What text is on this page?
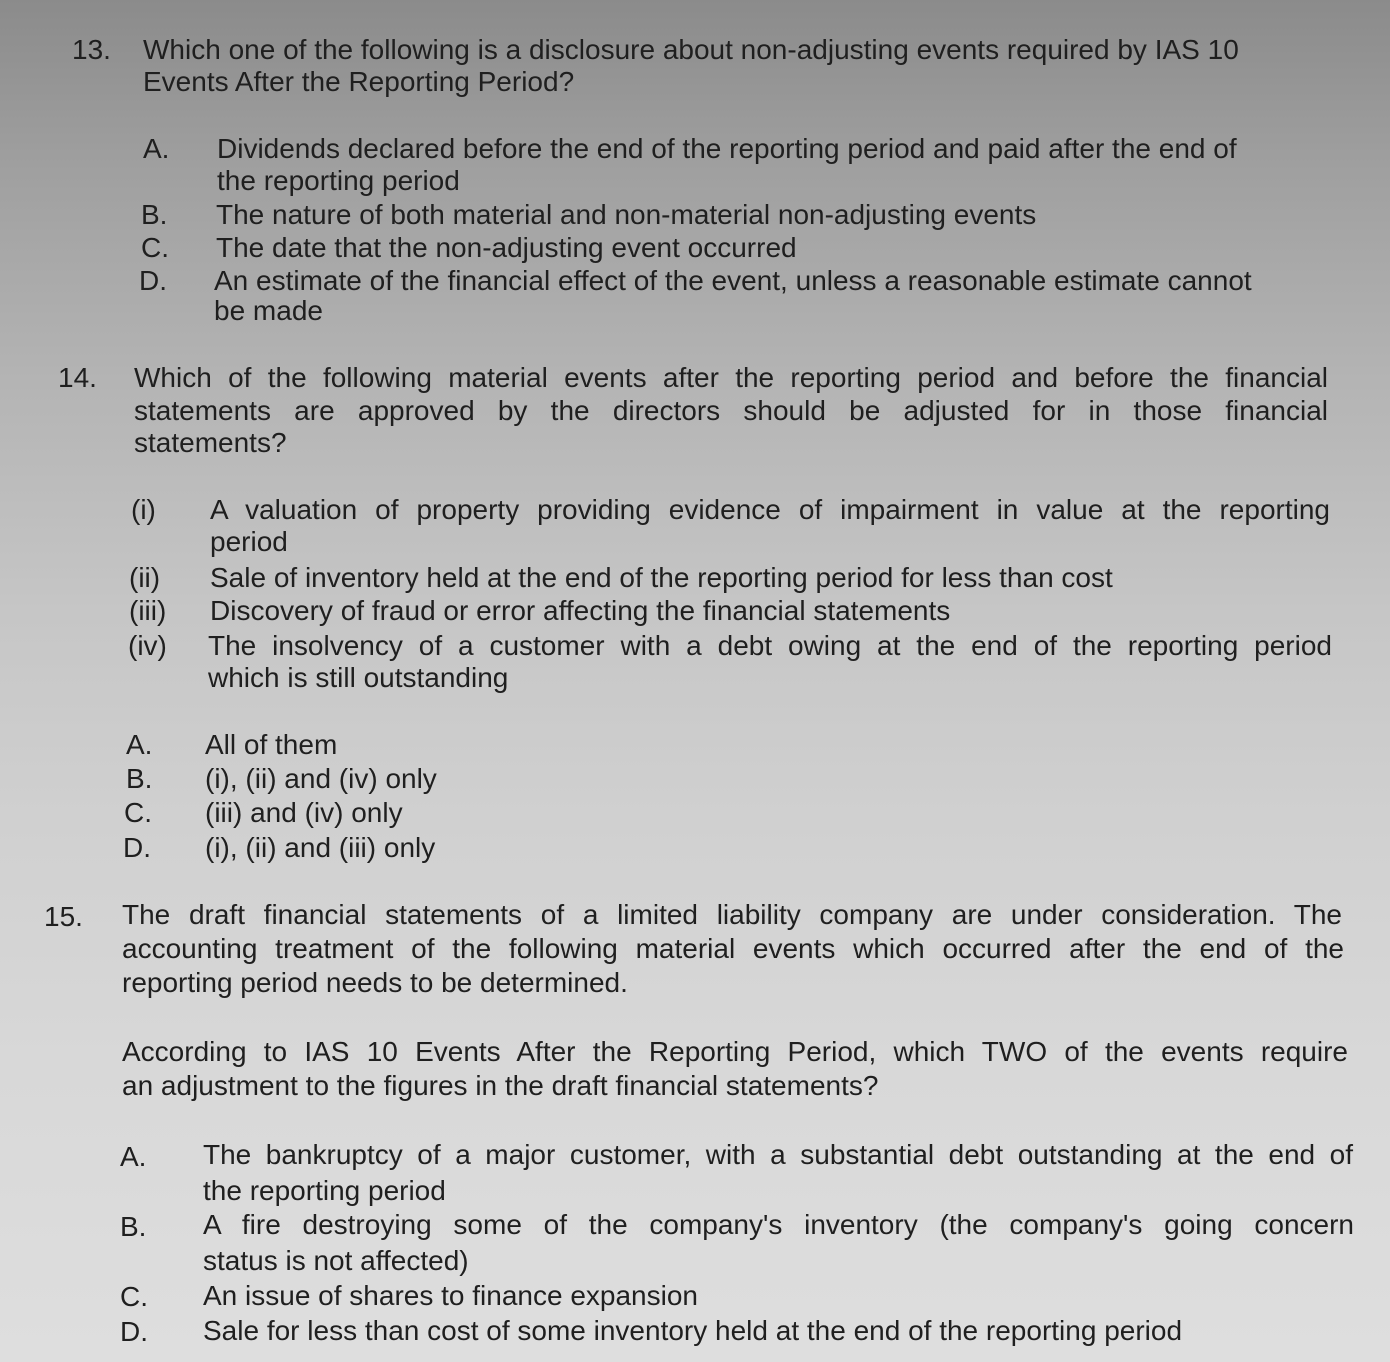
13. Which one of the following is a disclosure about non-adjusting events required by IAS 10
Events After the Reporting Period?
A. Dividends declared before the end of the reporting period and paid after the end of
the reporting period
B. The nature of both material and non-material non-adjusting events
C. The date that the non-adjusting event occurred
D. An estimate of the financial effect of the event, unless a reasonable estimate cannot
be made
14. Which of the following material events after the reporting period and before the financial
statements are approved by the directors should be adjusted for in those financial
statements?
(i) A valuation of property providing evidence of impairment in value at the reporting
period
(ii) Sale of inventory held at the end of the reporting period for less than cost
(iii) Discovery of fraud or error affecting the financial statements
(iv) The insolvency of a customer with a debt owing at the end of the reporting period
which is still outstanding
A. All of them
B. (i), (ii) and (iv) only
C. (iii) and (iv) only
D. (i), (ii) and (iii) only
15. The draft financial statements of a limited liability company are under consideration. The
accounting treatment of the following material events which occurred after the end of the
reporting period needs to be determined.
According to IAS 10 Events After the Reporting Period, which TWO of the events require
an adjustment to the figures in the draft financial statements?
A. The bankruptcy of a major customer, with a substantial debt outstanding at the end of
the reporting period
B. A fire destroying some of the company's inventory (the company's going concern
status is not affected)
C. An issue of shares to finance expansion
D. Sale for less than cost of some inventory held at the end of the reporting period
